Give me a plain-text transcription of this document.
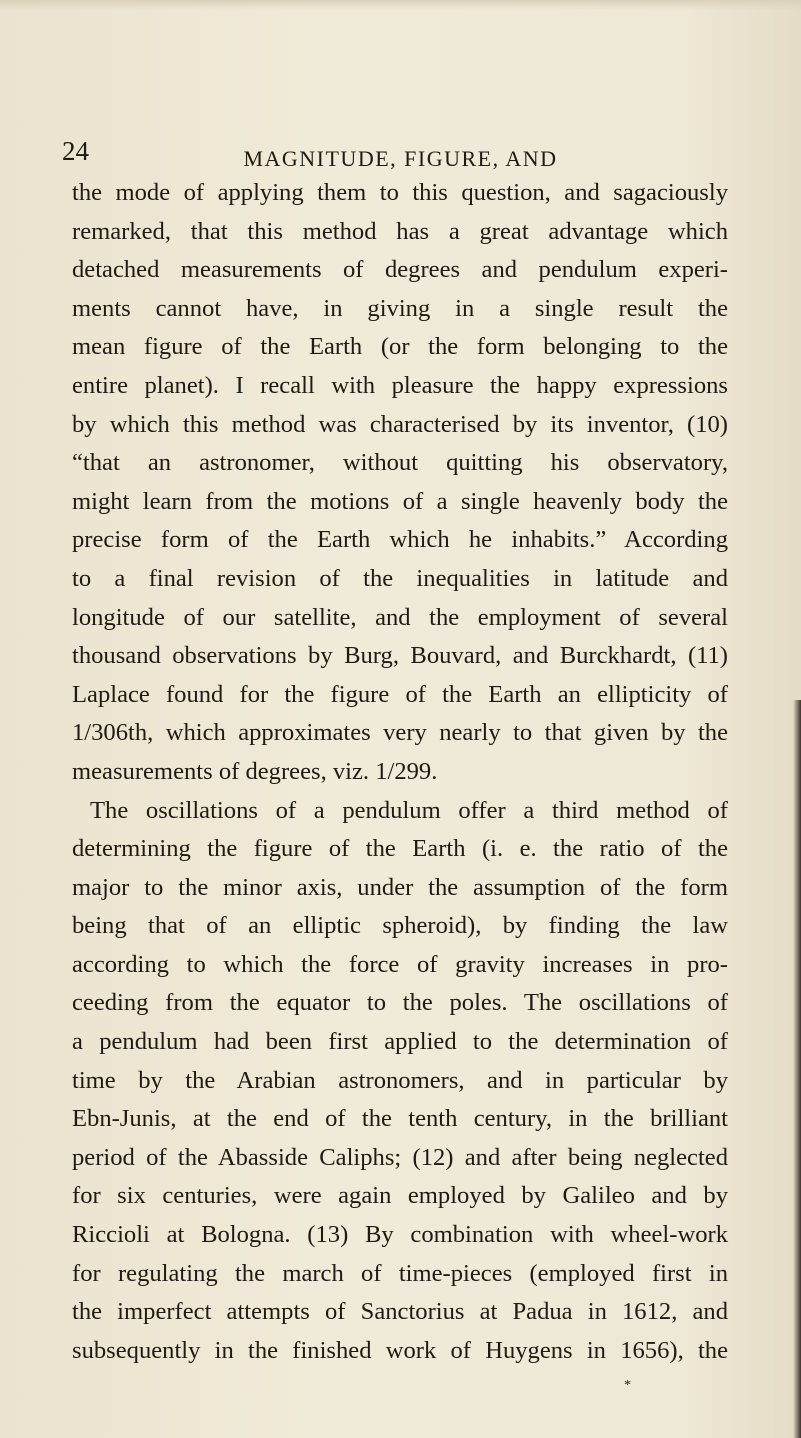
24	MAGNITUDE, FIGURE, AND
the mode of applying them to this question, and sagaciously
remarked, that this method has a great advantage which
detached measurements of degrees and pendulum experi-
ments cannot have, in giving in a single result the
mean figure of the Earth (or the form belonging to the
entire planet). I recall with pleasure the happy expressions
by which this method was characterised by its inventor, (10)
“that an astronomer, without quitting his observatory,
might learn from the motions of a single heavenly body the
precise form of the Earth which he inhabits.” According
to a final revision of the inequalities in latitude and
longitude of our satellite, and the employment of several
thousand observations by Burg, Bouvard, and Burckhardt, (11)
Laplace found for the figure of the Earth an ellipticity of
1/306th, which approximates very nearly to that given by the
measurements of degrees, viz. 1/299.
The oscillations of a pendulum offer a third method of
determining the figure of the Earth (i. e. the ratio of the
major to the minor axis, under the assumption of the form
being that of an elliptic spheroid), by finding the law
according to which the force of gravity increases in pro-
ceeding from the equator to the poles. The oscillations of
a pendulum had been first applied to the determination of
time by the Arabian astronomers, and in particular by
Ebn-Junis, at the end of the tenth century, in the brilliant
period of the Abasside Caliphs; (12) and after being neglected
for six centuries, were again employed by Galileo and by
Riccioli at Bologna. (13) By combination with wheel-work
for regulating the march of time-pieces (employed first in
the imperfect attempts of Sanctorius at Padua in 1612, and
subsequently in the finished work of Huygens in 1656), the
*
